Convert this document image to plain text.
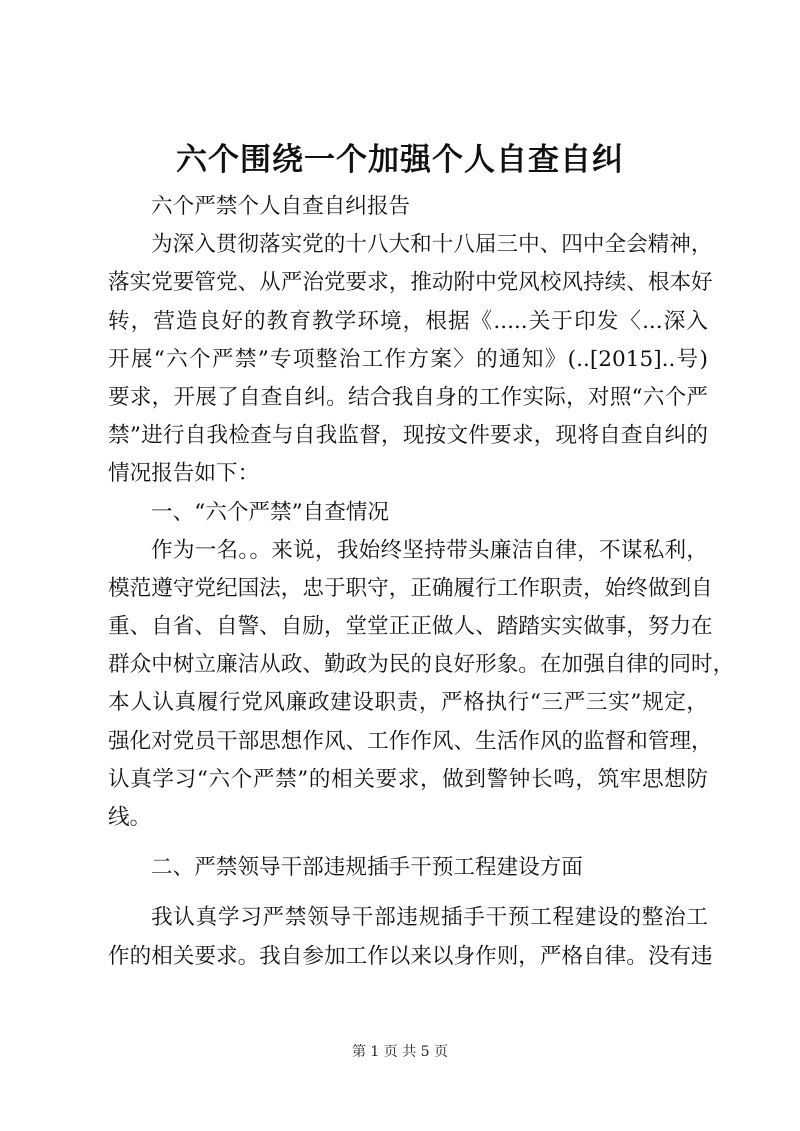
六个围绕一个加强个人自查自纠
六个严禁个人自查自纠报告
为深入贯彻落实党的十八大和十八届三中、四中全会精神，
落实党要管党、从严治党要求，推动附中党风校风持续、根本好
转，营造良好的教育教学环境，根据《.....关于印发〈...深入
开展“六个严禁”专项整治工作方案〉的通知》(..[2015]..号)
要求，开展了自查自纠。结合我自身的工作实际，对照“六个严
禁”进行自我检查与自我监督，现按文件要求，现将自查自纠的
情况报告如下：
一、“六个严禁”自查情况
作为一名。。来说，我始终坚持带头廉洁自律，不谋私利，
模范遵守党纪国法，忠于职守，正确履行工作职责，始终做到自
重、自省、自警、自励，堂堂正正做人、踏踏实实做事，努力在
群众中树立廉洁从政、勤政为民的良好形象。在加强自律的同时，
本人认真履行党风廉政建设职责，严格执行“三严三实”规定，
强化对党员干部思想作风、工作作风、生活作风的监督和管理，
认真学习“六个严禁”的相关要求，做到警钟长鸣，筑牢思想防
线。
二、严禁领导干部违规插手干预工程建设方面
我认真学习严禁领导干部违规插手干预工程建设的整治工
作的相关要求。我自参加工作以来以身作则，严格自律。没有违
第 1 页 共 5 页
